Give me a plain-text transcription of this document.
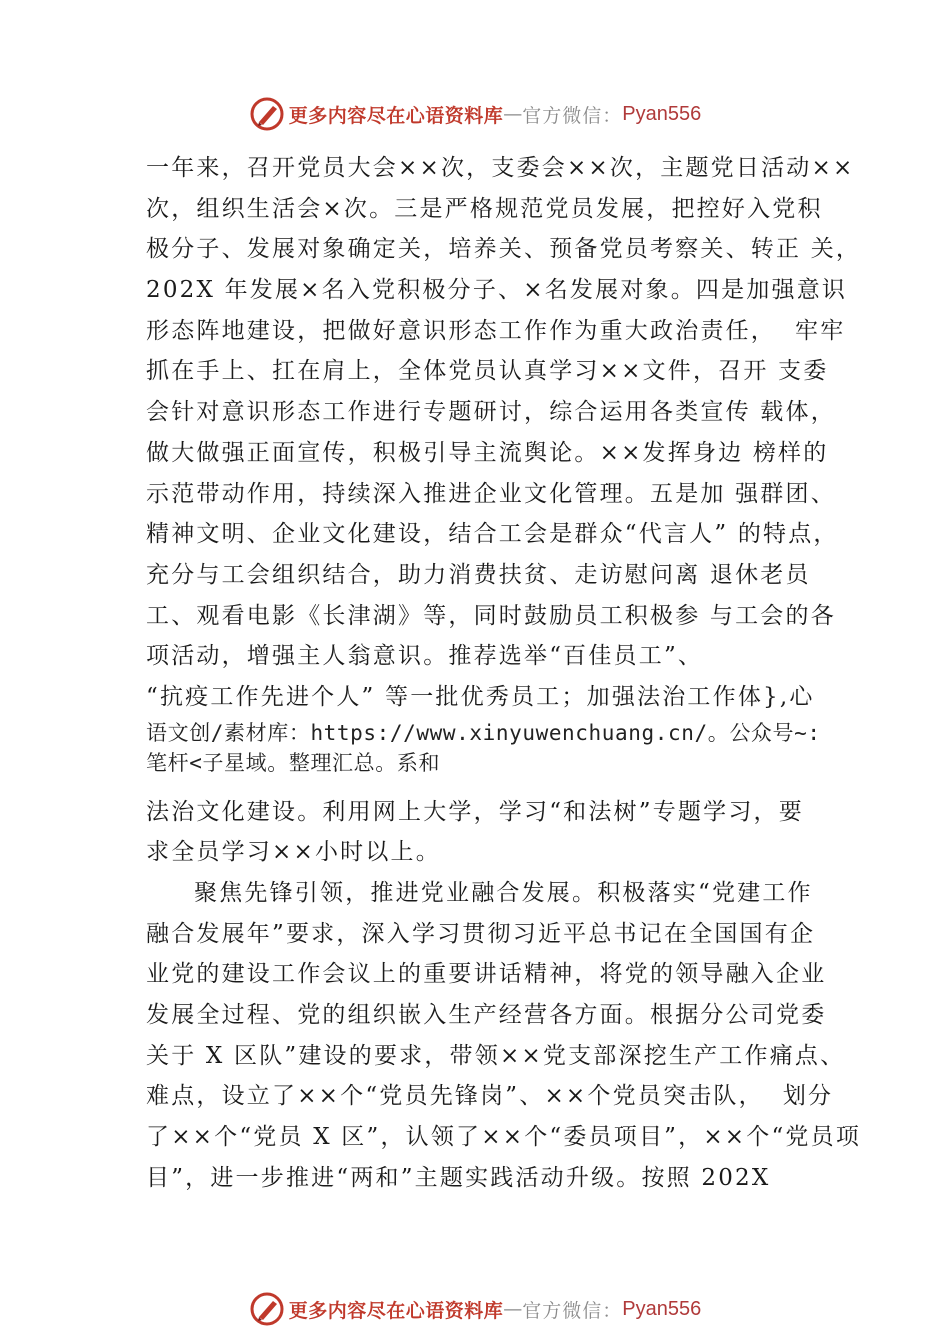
更多内容尽在心语资料库 — 官方微信： Pyan556
一年来，召开党员大会××次，支委会××次，主题党日活动××
次，组织生活会×次。三是严格规范党员发展，把控好入党积
极分子、发展对象确定关，培养关、预备党员考察关、转正 关，
202X 年发展×名入党积极分子、×名发展对象。四是加强意识
形态阵地建设，把做好意识形态工作作为重大政治责任，  牢牢
抓在手上、扛在肩上，全体党员认真学习××文件，召开 支委
会针对意识形态工作进行专题研讨，综合运用各类宣传 载体，
做大做强正面宣传，积极引导主流舆论。××发挥身边 榜样的
示范带动作用，持续深入推进企业文化管理。五是加 强群团、
精神文明、企业文化建设，结合工会是群众“代言人” 的特点，
充分与工会组织结合，助力消费扶贫、走访慰问离 退休老员
工、观看电影《长津湖》等，同时鼓励员工积极参 与工会的各
项活动，增强主人翁意识。推荐选举“百佳员工”、
“抗疫工作先进个人” 等一批优秀员工；加强法治工作体},心
语文创/素材库：https://www.xinyuwenchuang.cn/。公众号~:
笔杆<子星域。整理汇总。系和
法治文化建设。利用网上大学，学习“和法树”专题学习，要
求全员学习××小时以上。
聚焦先锋引领，推进党业融合发展。积极落实“党建工作
融合发展年”要求，深入学习贯彻习近平总书记在全国国有企
业党的建设工作会议上的重要讲话精神，将党的领导融入企业
发展全过程、党的组织嵌入生产经营各方面。根据分公司党委
关于 X 区队”建设的要求，带领××党支部深挖生产工作痛点、
难点，设立了××个“党员先锋岗”、××个党员突击队，  划分
了××个“党员 X 区”，认领了××个“委员项目”，××个“党员项
目”，进一步推进“两和”主题实践活动升级。按照 202X
更多内容尽在心语资料库 — 官方微信： Pyan556
